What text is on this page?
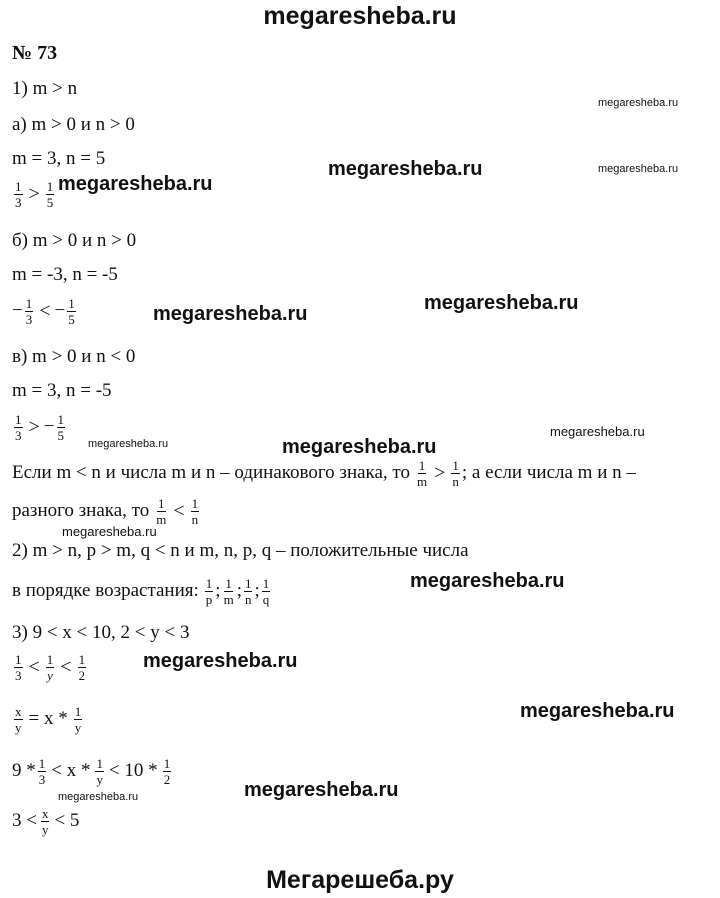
megaresheba.ru
№ 73
1) m > n
а) m > 0 и n > 0
m = 3, n = 5
$\frac{1}{3} > \frac{1}{5}$
б) m > 0 и n > 0
m = -3, n = -5
− $\frac{1}{3}$ < − $\frac{1}{5}$
в) m > 0 и n < 0
m = 3, n = -5
$\frac{1}{3}$ > − $\frac{1}{5}$
Если m < n и числа m и n – одинакового знака, то $\frac{1}{m} > \frac{1}{n}$ ; а если числа m и n –
разного знака, то $\frac{1}{m} < \frac{1}{n}$
2) m > n, p > m, q < n и m, n, p, q – положительные числа
в порядке возрастания: $\frac{1}{p}$ ; $\frac{1}{m}$ ; $\frac{1}{n}$ ; $\frac{1}{q}$
3) 9 < x < 10, 2 < y < 3
$\frac{1}{3} < \frac{1}{y} < \frac{1}{2}$
$\frac{x}{y} = x * \frac{1}{y}$
$9 * \frac{1}{3} < x * \frac{1}{y} < 10 * \frac{1}{2}$
$3 < \frac{x}{y} < 5$
megaresheba.ru
megaresheba.ru
megaresheba.ru
megaresheba.ru
megaresheba.ru
megaresheba.ru
megaresheba.ru
megaresheba.ru
megaresheba.ru
megaresheba.ru
megaresheba.ru
megaresheba.ru
megaresheba.ru
megaresheba.ru	megaresheba.ru
Мегарешеба.ру
